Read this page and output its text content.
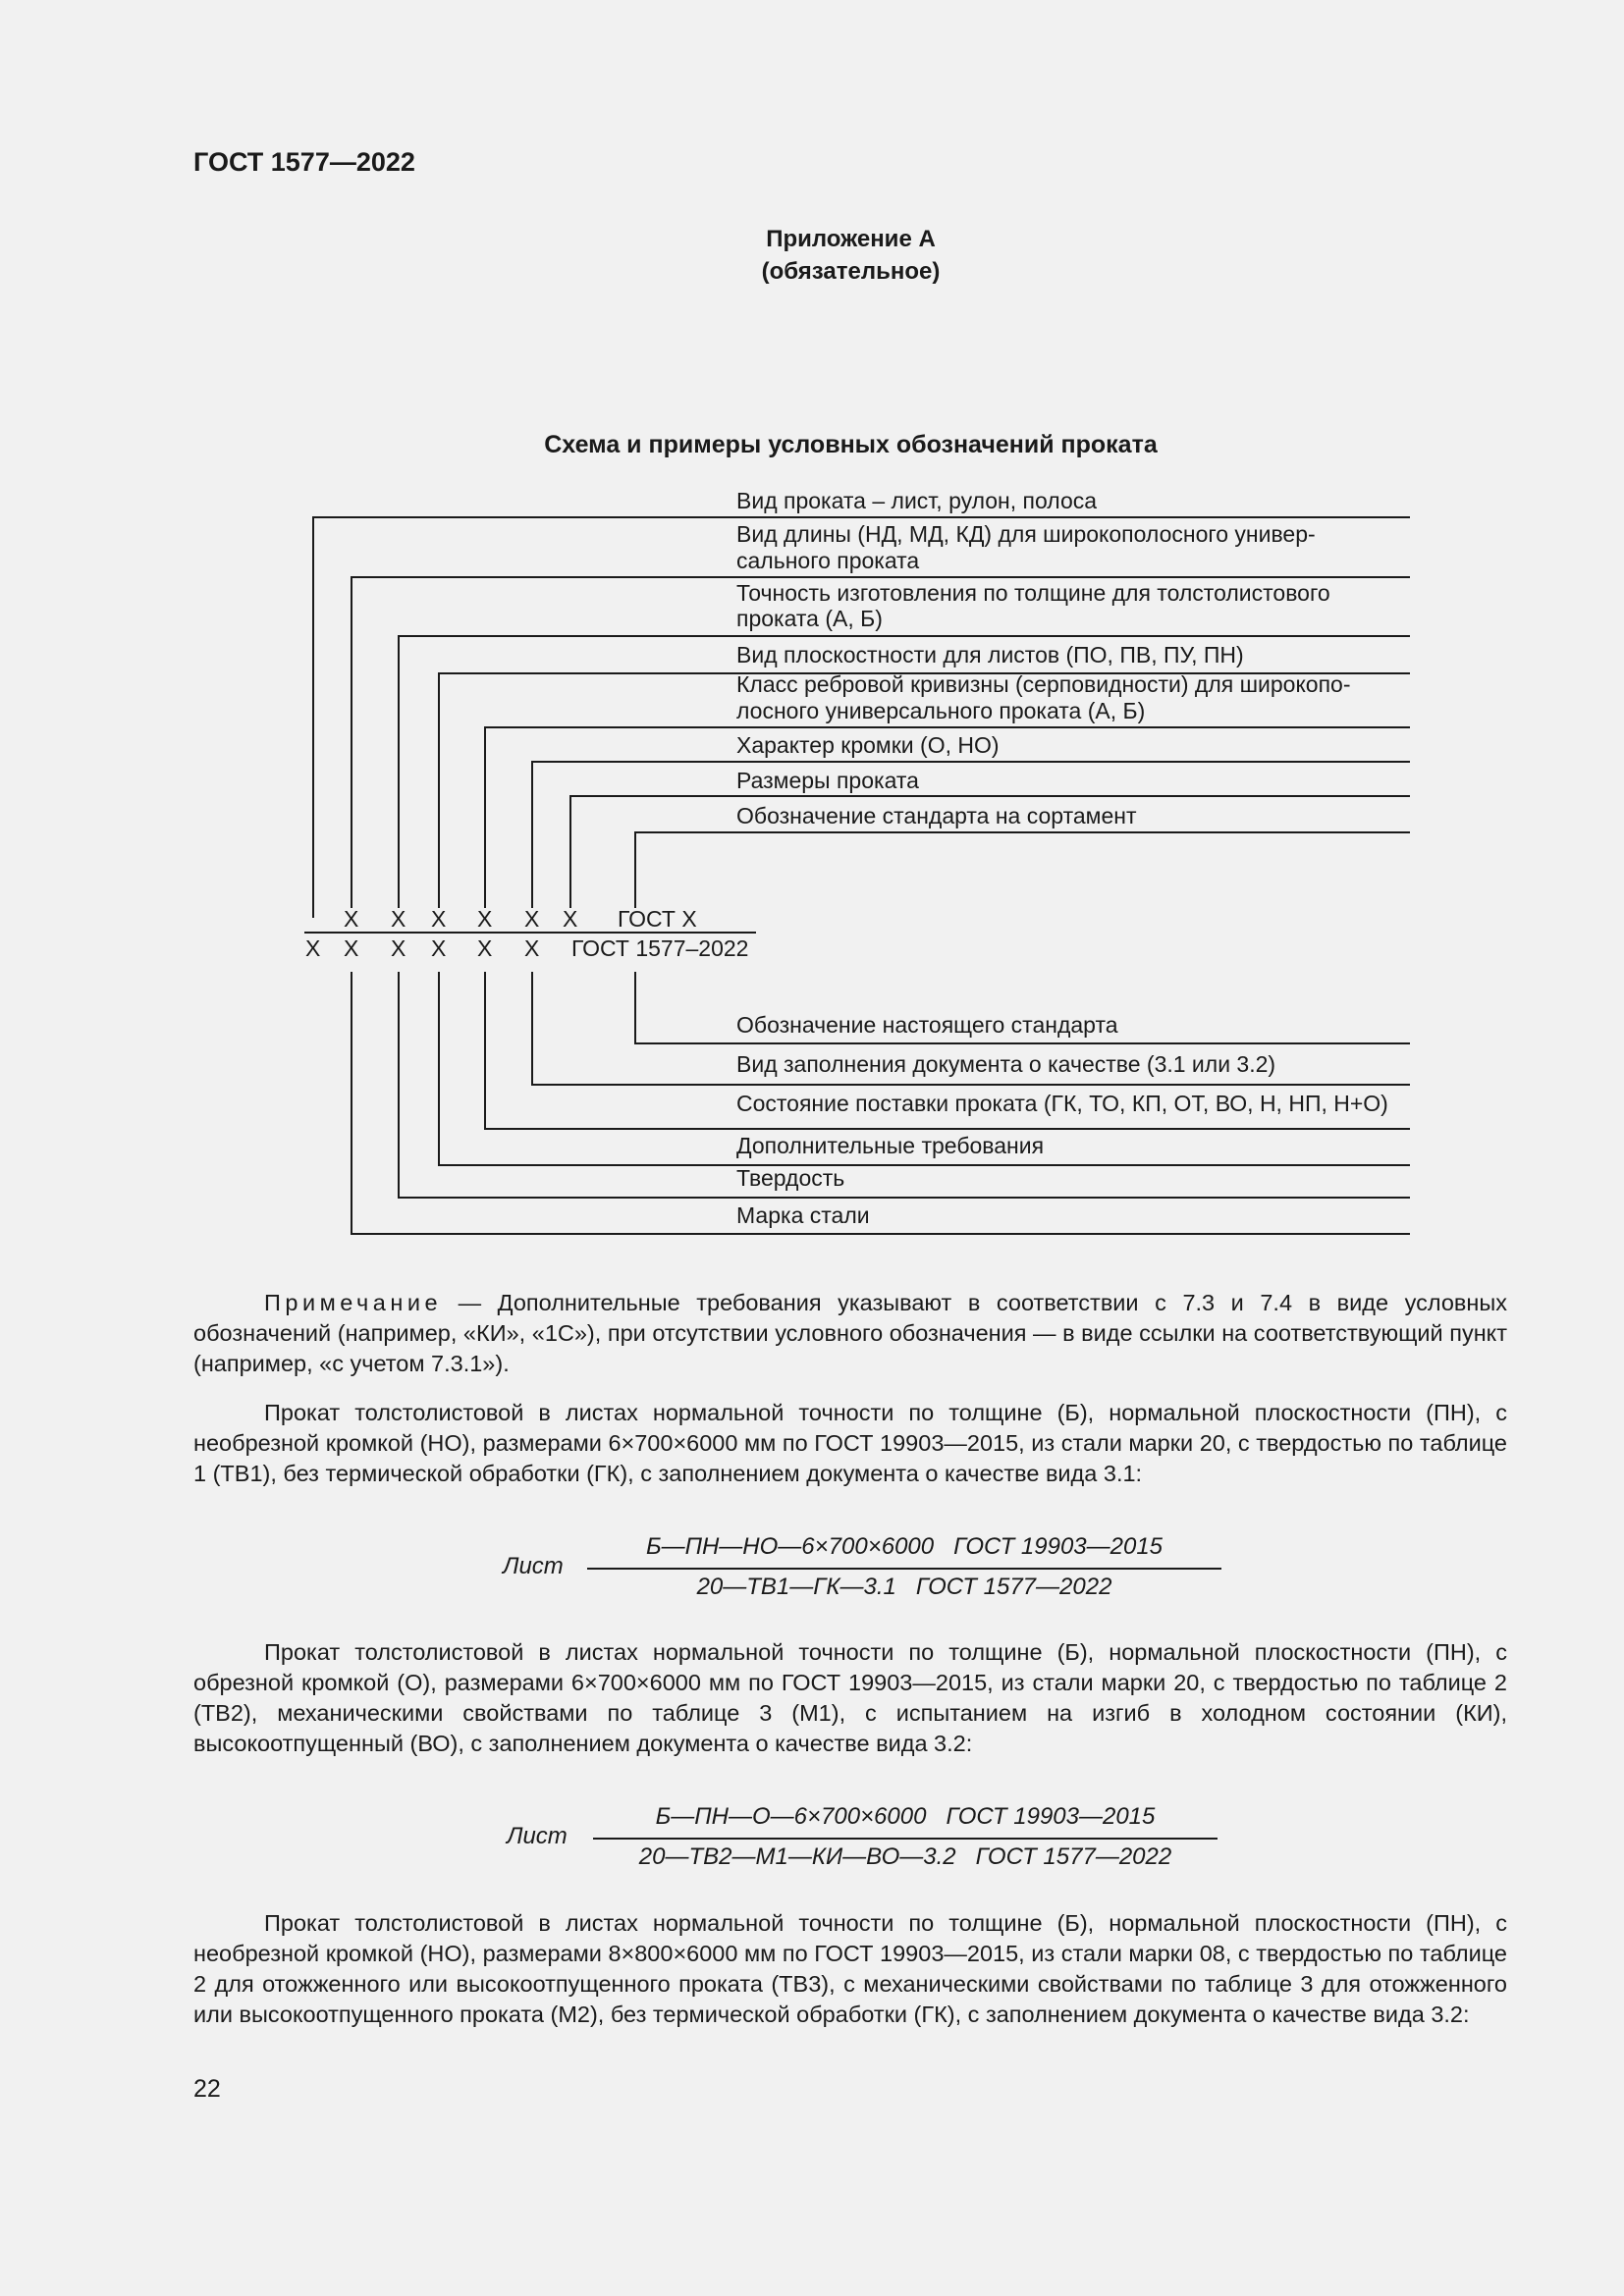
ГОСТ 1577—2022
Приложение А
(обязательное)
Схема и примеры условных обозначений проката
Вид проката – лист, рулон, полоса
Вид длины (НД, МД, КД) для широкополосного универ-
сального проката
Точность изготовления по толщине для толстолистового
проката (А, Б)
Вид плоскостности для листов (ПО, ПВ, ПУ, ПН)
Класс ребровой кривизны (серповидности) для широкопо-
лосного универсального проката (А, Б)
Характер кромки (О, НО)
Размеры проката
Обозначение стандарта на сортамент
Х Х Х Х Х Х ГОСТ Х
Х Х Х Х Х Х ГОСТ 1577–2022
Обозначение настоящего стандарта
Вид заполнения документа о качестве (3.1 или 3.2)
Состояние поставки проката (ГК, ТО, КП, ОТ, ВО, Н, НП, Н+О)
Дополнительные требования
Твердость
Марка стали
Примечание — Дополнительные требования указывают в соответствии с 7.3 и 7.4 в виде условных обозначений (например, «КИ», «1С»), при отсутствии условного обозначения — в виде ссылки на соответствующий пункт (например, «с учетом 7.3.1»).
Прокат толстолистовой в листах нормальной точности по толщине (Б), нормальной плоскостности (ПН), с необрезной кромкой (НО), размерами 6×700×6000 мм по ГОСТ 19903—2015, из стали марки 20, с твердостью по таблице 1 (ТВ1), без термической обработки (ГК), с заполнением документа о качестве вида 3.1:
Лист
Б—ПН—НО—6×700×6000   ГОСТ 19903—2015
20—ТВ1—ГК—3.1   ГОСТ 1577—2022
Прокат толстолистовой в листах нормальной точности по толщине (Б), нормальной плоскостности (ПН), с обрезной кромкой (О), размерами 6×700×6000 мм по ГОСТ 19903—2015, из стали марки 20, с твердостью по таблице 2 (ТВ2), механическими свойствами по таблице 3 (М1), с испытанием на изгиб в холодном состоянии (КИ), высокоотпущенный (ВО), с заполнением документа о качестве вида 3.2:
Лист
Б—ПН—О—6×700×6000   ГОСТ 19903—2015
20—ТВ2—М1—КИ—ВО—3.2   ГОСТ 1577—2022
Прокат толстолистовой в листах нормальной точности по толщине (Б), нормальной плоскостности (ПН), с необрезной кромкой (НО), размерами 8×800×6000 мм по ГОСТ 19903—2015, из стали марки 08, с твердостью по таблице 2 для отожженного или высокоотпущенного проката (ТВ3), с механическими свойствами по таблице 3 для отожженного или высокоотпущенного проката (М2), без термической обработки (ГК), с заполнением документа о качестве вида 3.2:
22
